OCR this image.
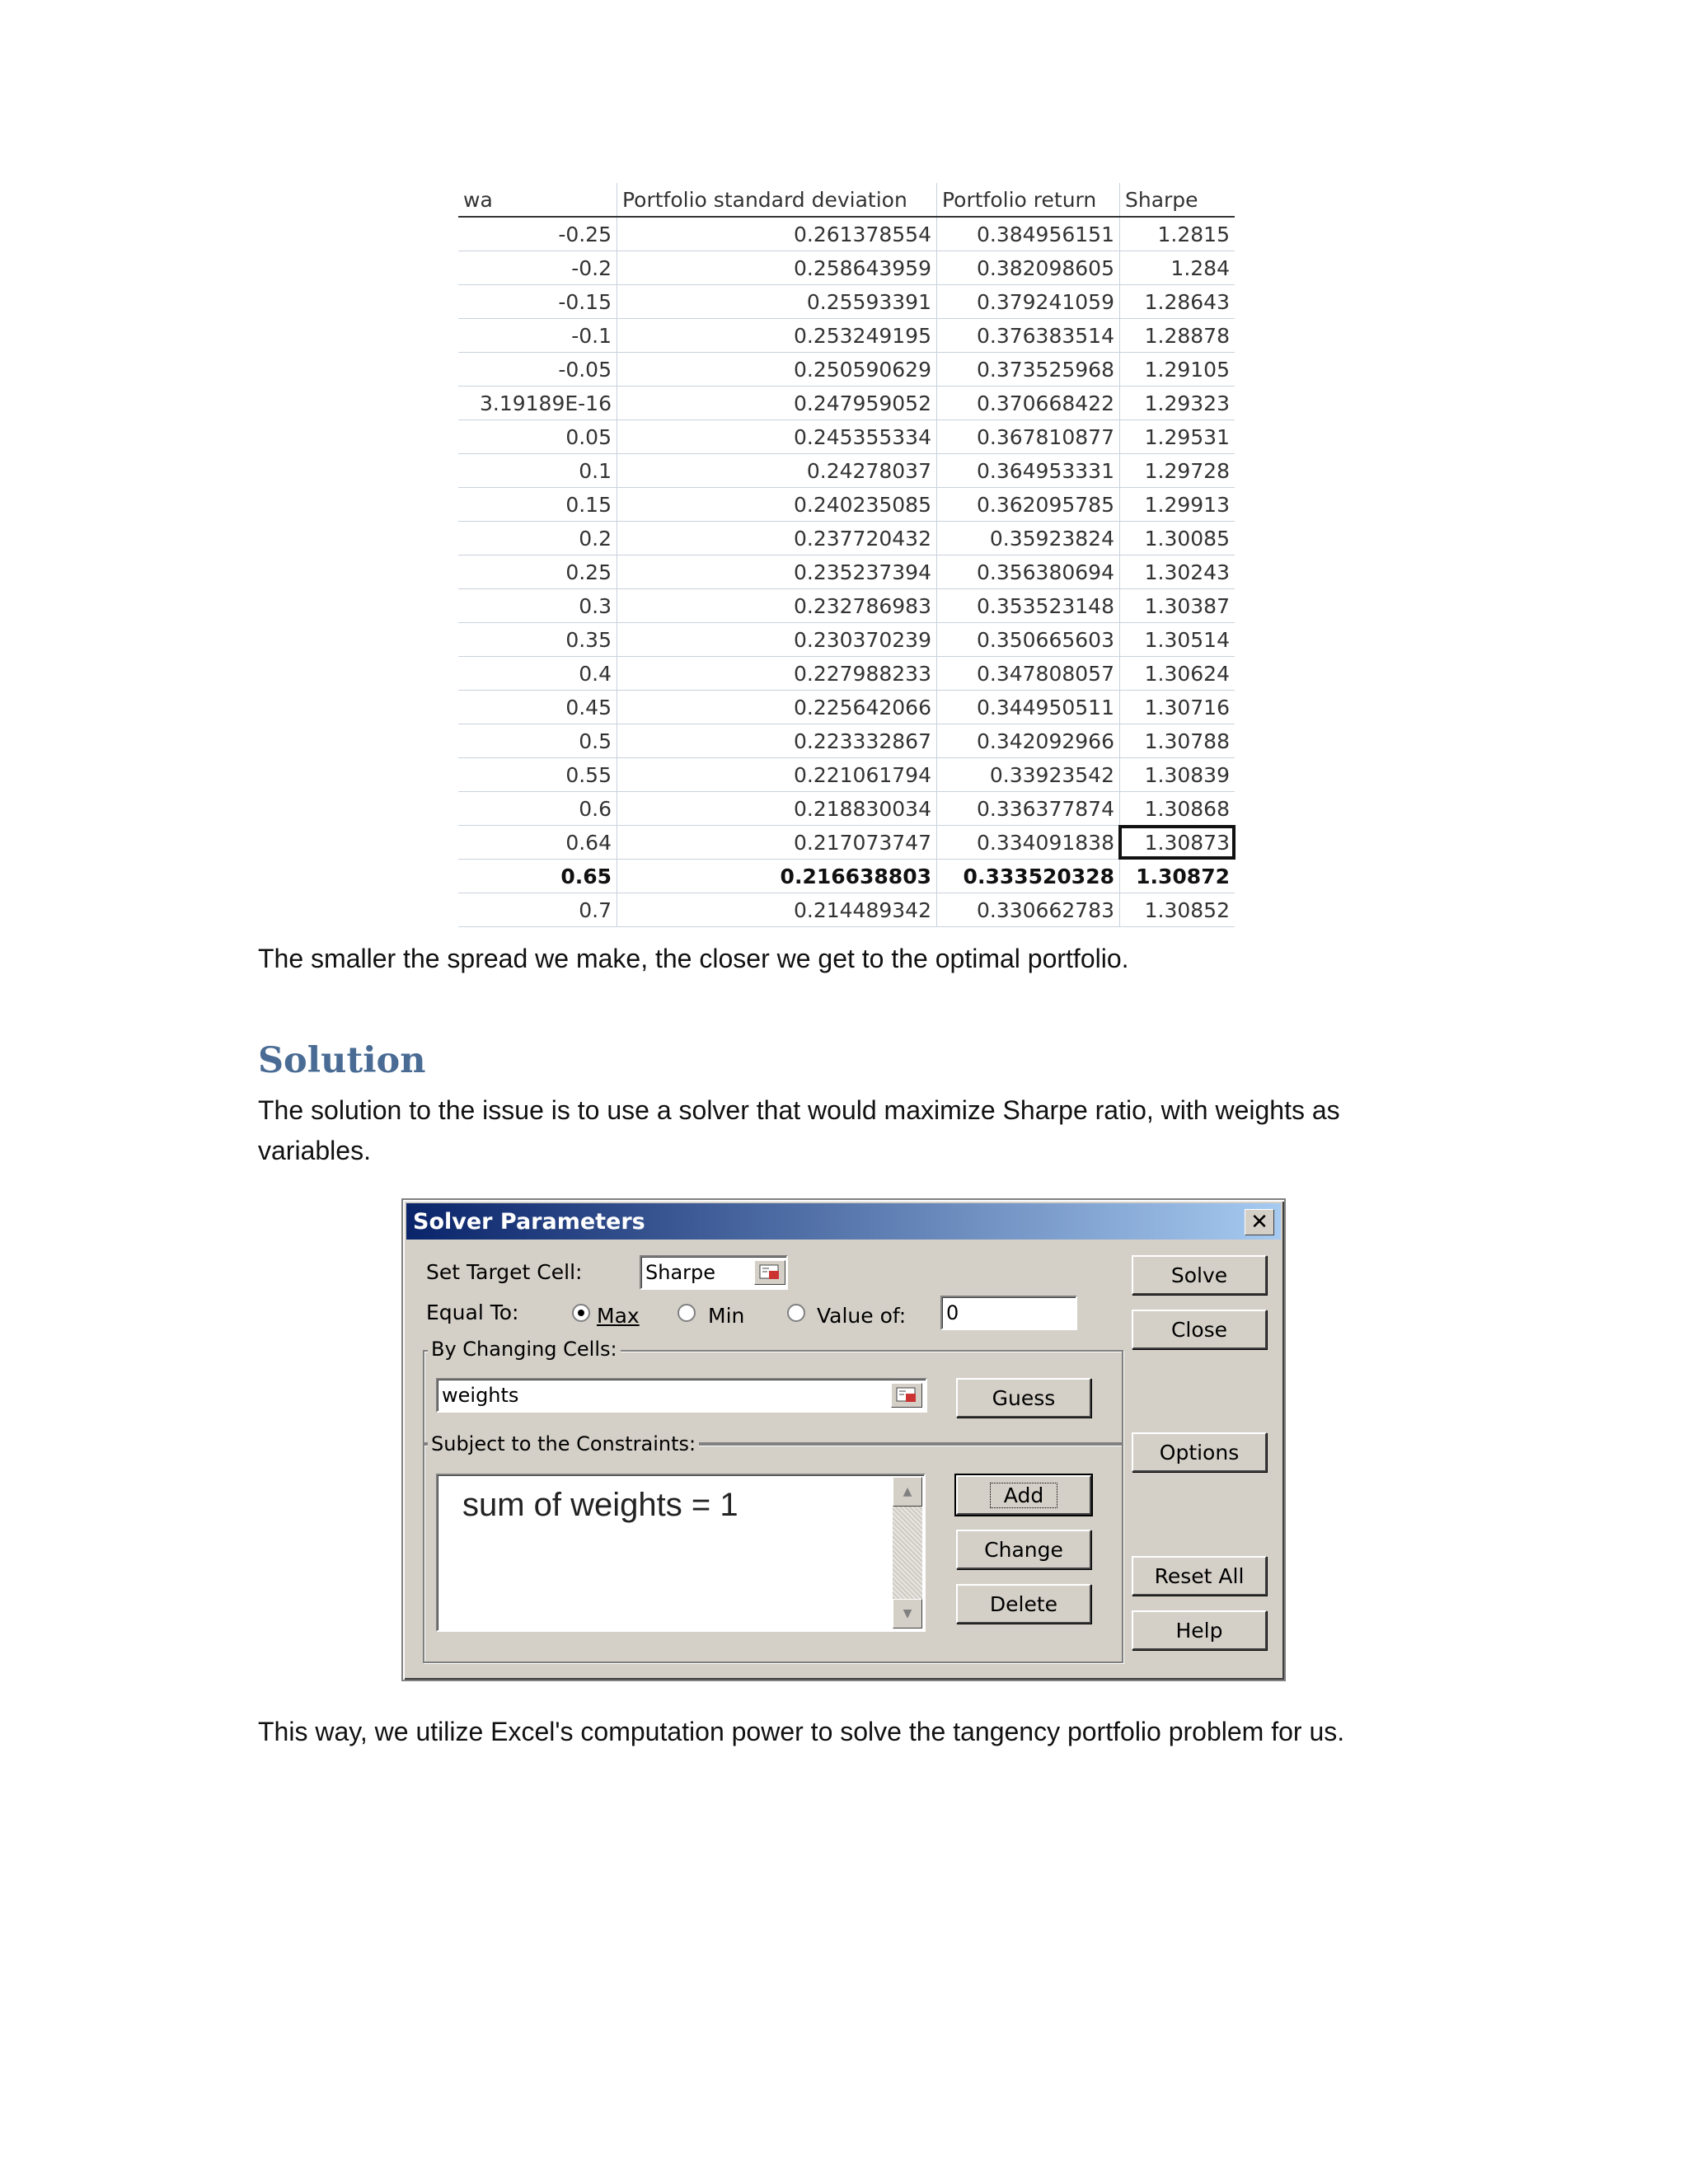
wa	Portfolio standard deviation	Portfolio return	Sharpe
-0.25	0.261378554	0.384956151	1.2815
-0.2	0.258643959	0.382098605	1.284
-0.15	0.25593391	0.379241059	1.28643
-0.1	0.253249195	0.376383514	1.28878
-0.05	0.250590629	0.373525968	1.29105
3.19189E-16	0.247959052	0.370668422	1.29323
0.05	0.245355334	0.367810877	1.29531
0.1	0.24278037	0.364953331	1.29728
0.15	0.240235085	0.362095785	1.29913
0.2	0.237720432	0.35923824	1.30085
0.25	0.235237394	0.356380694	1.30243
0.3	0.232786983	0.353523148	1.30387
0.35	0.230370239	0.350665603	1.30514
0.4	0.227988233	0.347808057	1.30624
0.45	0.225642066	0.344950511	1.30716
0.5	0.223332867	0.342092966	1.30788
0.55	0.221061794	0.33923542	1.30839
0.6	0.218830034	0.336377874	1.30868
0.64	0.217073747	0.334091838	1.30873
0.65	0.216638803	0.333520328	1.30872
0.7	0.214489342	0.330662783	1.30852
The smaller the spread we make, the closer we get to the optimal portfolio.
Solution
The solution to the issue is to use a solver that would maximize Sharpe ratio, with weights as
variables.
This way, we utilize Excel's computation power to solve the tangency portfolio problem for us.
Solver Parameters	✕
Set Target Cell:	Sharpe
Equal To:	Max	Min	Value of: 0
By Changing Cells:
weights
Subject to the Constraints:
sum of weights = 1	▲
▼
Guess
Add
Change
Delete
Solve
Close
Options
Reset All
Help
